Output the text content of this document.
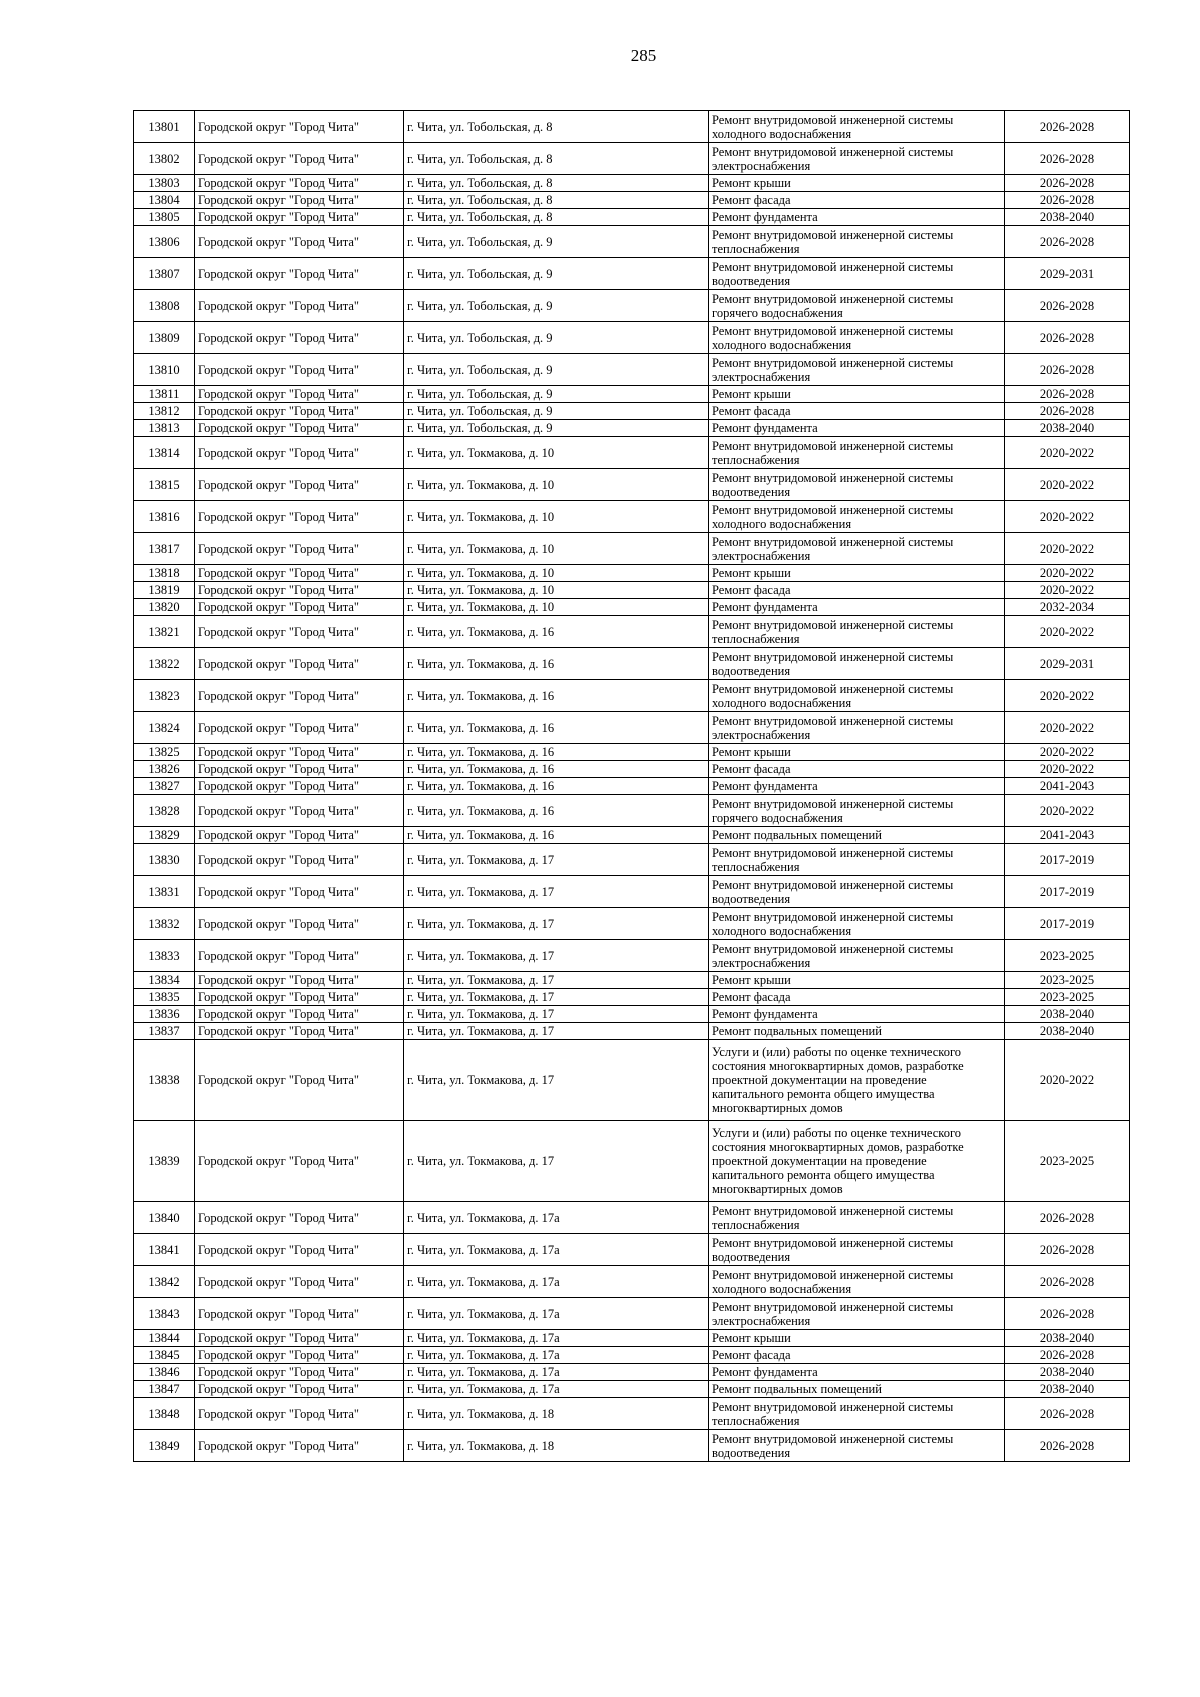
285
13801	Городской округ "Город Чита"	г. Чита, ул. Тобольская, д. 8	Ремонт внутридомовой инженерной системы холодного водоснабжения	2026-2028
13802	Городской округ "Город Чита"	г. Чита, ул. Тобольская, д. 8	Ремонт внутридомовой инженерной системы электроснабжения	2026-2028
13803	Городской округ "Город Чита"	г. Чита, ул. Тобольская, д. 8	Ремонт крыши	2026-2028
13804	Городской округ "Город Чита"	г. Чита, ул. Тобольская, д. 8	Ремонт фасада	2026-2028
13805	Городской округ "Город Чита"	г. Чита, ул. Тобольская, д. 8	Ремонт фундамента	2038-2040
13806	Городской округ "Город Чита"	г. Чита, ул. Тобольская, д. 9	Ремонт внутридомовой инженерной системы теплоснабжения	2026-2028
13807	Городской округ "Город Чита"	г. Чита, ул. Тобольская, д. 9	Ремонт внутридомовой инженерной системы водоотведения	2029-2031
13808	Городской округ "Город Чита"	г. Чита, ул. Тобольская, д. 9	Ремонт внутридомовой инженерной системы горячего водоснабжения	2026-2028
13809	Городской округ "Город Чита"	г. Чита, ул. Тобольская, д. 9	Ремонт внутридомовой инженерной системы холодного водоснабжения	2026-2028
13810	Городской округ "Город Чита"	г. Чита, ул. Тобольская, д. 9	Ремонт внутридомовой инженерной системы электроснабжения	2026-2028
13811	Городской округ "Город Чита"	г. Чита, ул. Тобольская, д. 9	Ремонт крыши	2026-2028
13812	Городской округ "Город Чита"	г. Чита, ул. Тобольская, д. 9	Ремонт фасада	2026-2028
13813	Городской округ "Город Чита"	г. Чита, ул. Тобольская, д. 9	Ремонт фундамента	2038-2040
13814	Городской округ "Город Чита"	г. Чита, ул. Токмакова, д. 10	Ремонт внутридомовой инженерной системы теплоснабжения	2020-2022
13815	Городской округ "Город Чита"	г. Чита, ул. Токмакова, д. 10	Ремонт внутридомовой инженерной системы водоотведения	2020-2022
13816	Городской округ "Город Чита"	г. Чита, ул. Токмакова, д. 10	Ремонт внутридомовой инженерной системы холодного водоснабжения	2020-2022
13817	Городской округ "Город Чита"	г. Чита, ул. Токмакова, д. 10	Ремонт внутридомовой инженерной системы электроснабжения	2020-2022
13818	Городской округ "Город Чита"	г. Чита, ул. Токмакова, д. 10	Ремонт крыши	2020-2022
13819	Городской округ "Город Чита"	г. Чита, ул. Токмакова, д. 10	Ремонт фасада	2020-2022
13820	Городской округ "Город Чита"	г. Чита, ул. Токмакова, д. 10	Ремонт фундамента	2032-2034
13821	Городской округ "Город Чита"	г. Чита, ул. Токмакова, д. 16	Ремонт внутридомовой инженерной системы теплоснабжения	2020-2022
13822	Городской округ "Город Чита"	г. Чита, ул. Токмакова, д. 16	Ремонт внутридомовой инженерной системы водоотведения	2029-2031
13823	Городской округ "Город Чита"	г. Чита, ул. Токмакова, д. 16	Ремонт внутридомовой инженерной системы холодного водоснабжения	2020-2022
13824	Городской округ "Город Чита"	г. Чита, ул. Токмакова, д. 16	Ремонт внутридомовой инженерной системы электроснабжения	2020-2022
13825	Городской округ "Город Чита"	г. Чита, ул. Токмакова, д. 16	Ремонт крыши	2020-2022
13826	Городской округ "Город Чита"	г. Чита, ул. Токмакова, д. 16	Ремонт фасада	2020-2022
13827	Городской округ "Город Чита"	г. Чита, ул. Токмакова, д. 16	Ремонт фундамента	2041-2043
13828	Городской округ "Город Чита"	г. Чита, ул. Токмакова, д. 16	Ремонт внутридомовой инженерной системы горячего водоснабжения	2020-2022
13829	Городской округ "Город Чита"	г. Чита, ул. Токмакова, д. 16	Ремонт подвальных помещений	2041-2043
13830	Городской округ "Город Чита"	г. Чита, ул. Токмакова, д. 17	Ремонт внутридомовой инженерной системы теплоснабжения	2017-2019
13831	Городской округ "Город Чита"	г. Чита, ул. Токмакова, д. 17	Ремонт внутридомовой инженерной системы водоотведения	2017-2019
13832	Городской округ "Город Чита"	г. Чита, ул. Токмакова, д. 17	Ремонт внутридомовой инженерной системы холодного водоснабжения	2017-2019
13833	Городской округ "Город Чита"	г. Чита, ул. Токмакова, д. 17	Ремонт внутридомовой инженерной системы электроснабжения	2023-2025
13834	Городской округ "Город Чита"	г. Чита, ул. Токмакова, д. 17	Ремонт крыши	2023-2025
13835	Городской округ "Город Чита"	г. Чита, ул. Токмакова, д. 17	Ремонт фасада	2023-2025
13836	Городской округ "Город Чита"	г. Чита, ул. Токмакова, д. 17	Ремонт фундамента	2038-2040
13837	Городской округ "Город Чита"	г. Чита, ул. Токмакова, д. 17	Ремонт подвальных помещений	2038-2040
13838	Городской округ "Город Чита"	г. Чита, ул. Токмакова, д. 17	Услуги и (или) работы по оценке технического состояния многоквартирных домов, разработке проектной документации на проведение капитального ремонта общего имущества многоквартирных домов	2020-2022
13839	Городской округ "Город Чита"	г. Чита, ул. Токмакова, д. 17	Услуги и (или) работы по оценке технического состояния многоквартирных домов, разработке проектной документации на проведение капитального ремонта общего имущества многоквартирных домов	2023-2025
13840	Городской округ "Город Чита"	г. Чита, ул. Токмакова, д. 17а	Ремонт внутридомовой инженерной системы теплоснабжения	2026-2028
13841	Городской округ "Город Чита"	г. Чита, ул. Токмакова, д. 17а	Ремонт внутридомовой инженерной системы водоотведения	2026-2028
13842	Городской округ "Город Чита"	г. Чита, ул. Токмакова, д. 17а	Ремонт внутридомовой инженерной системы холодного водоснабжения	2026-2028
13843	Городской округ "Город Чита"	г. Чита, ул. Токмакова, д. 17а	Ремонт внутридомовой инженерной системы электроснабжения	2026-2028
13844	Городской округ "Город Чита"	г. Чита, ул. Токмакова, д. 17а	Ремонт крыши	2038-2040
13845	Городской округ "Город Чита"	г. Чита, ул. Токмакова, д. 17а	Ремонт фасада	2026-2028
13846	Городской округ "Город Чита"	г. Чита, ул. Токмакова, д. 17а	Ремонт фундамента	2038-2040
13847	Городской округ "Город Чита"	г. Чита, ул. Токмакова, д. 17а	Ремонт подвальных помещений	2038-2040
13848	Городской округ "Город Чита"	г. Чита, ул. Токмакова, д. 18	Ремонт внутридомовой инженерной системы теплоснабжения	2026-2028
13849	Городской округ "Город Чита"	г. Чита, ул. Токмакова, д. 18	Ремонт внутридомовой инженерной системы водоотведения	2026-2028
